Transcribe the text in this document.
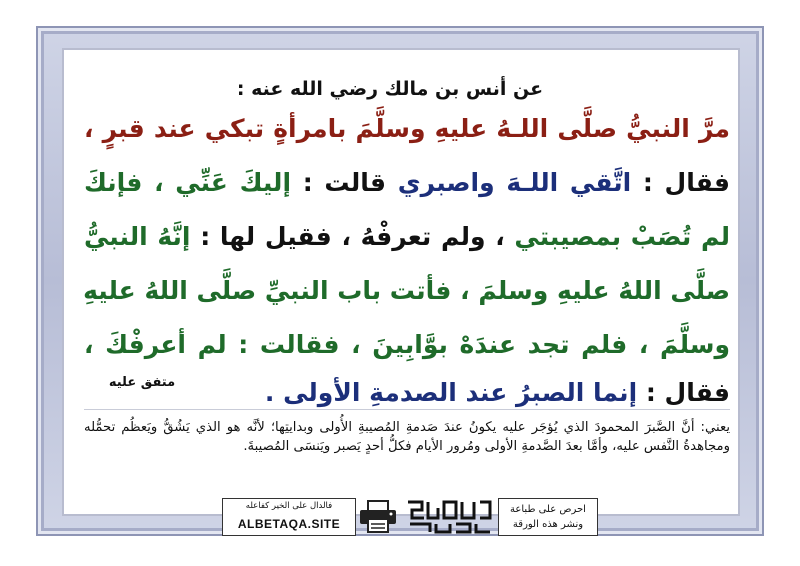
عن أنس بن مالك رضي الله عنه :
مرَّ النبيُّ صلَّى اللـهُ عليهِ وسلَّمَ بامرأةٍ تبكي عند قبرٍ ،
فقال : اتَّقي اللـهَ واصبري قالت : إليكَ عَنِّي ، فإنكَ
لم تُصَبْ بمصيبتي ، ولم تعرفْهُ ، فقيل لها : إنَّهُ النبيُّ
صلَّى اللهُ عليهِ وسلمَ ، فأتت باب النبيِّ صلَّى اللهُ عليهِ
وسلَّمَ ، فلم تجد عندَهْ بوَّابِينَ ، فقالت : لم أعرفْكَ ،
فقال : إنما الصبرُ عند الصدمةِ الأولى .
متفق عليه
يعني: أنَّ الصَّبرَ المحمودَ الذي يُؤجَر عليه يكونُ عندَ صَدمةِ المُصيبةِ الأُولى وبدايتِها؛ لأنَّه هو الذي يَشُقُّ ويَعظُم تحمُّله ومجاهدةُ النَّفس عليه، وأمَّا بعدَ الصَّدمةِ الأولى ومُرور الأيام فكلُّ أحدٍ يَصبر ويَنسَى المُصيبةَ.
فالدال على الخير كفاعله
ALBETAQA.SITE
احرص على طباعة
ونشر هذه الورقة
